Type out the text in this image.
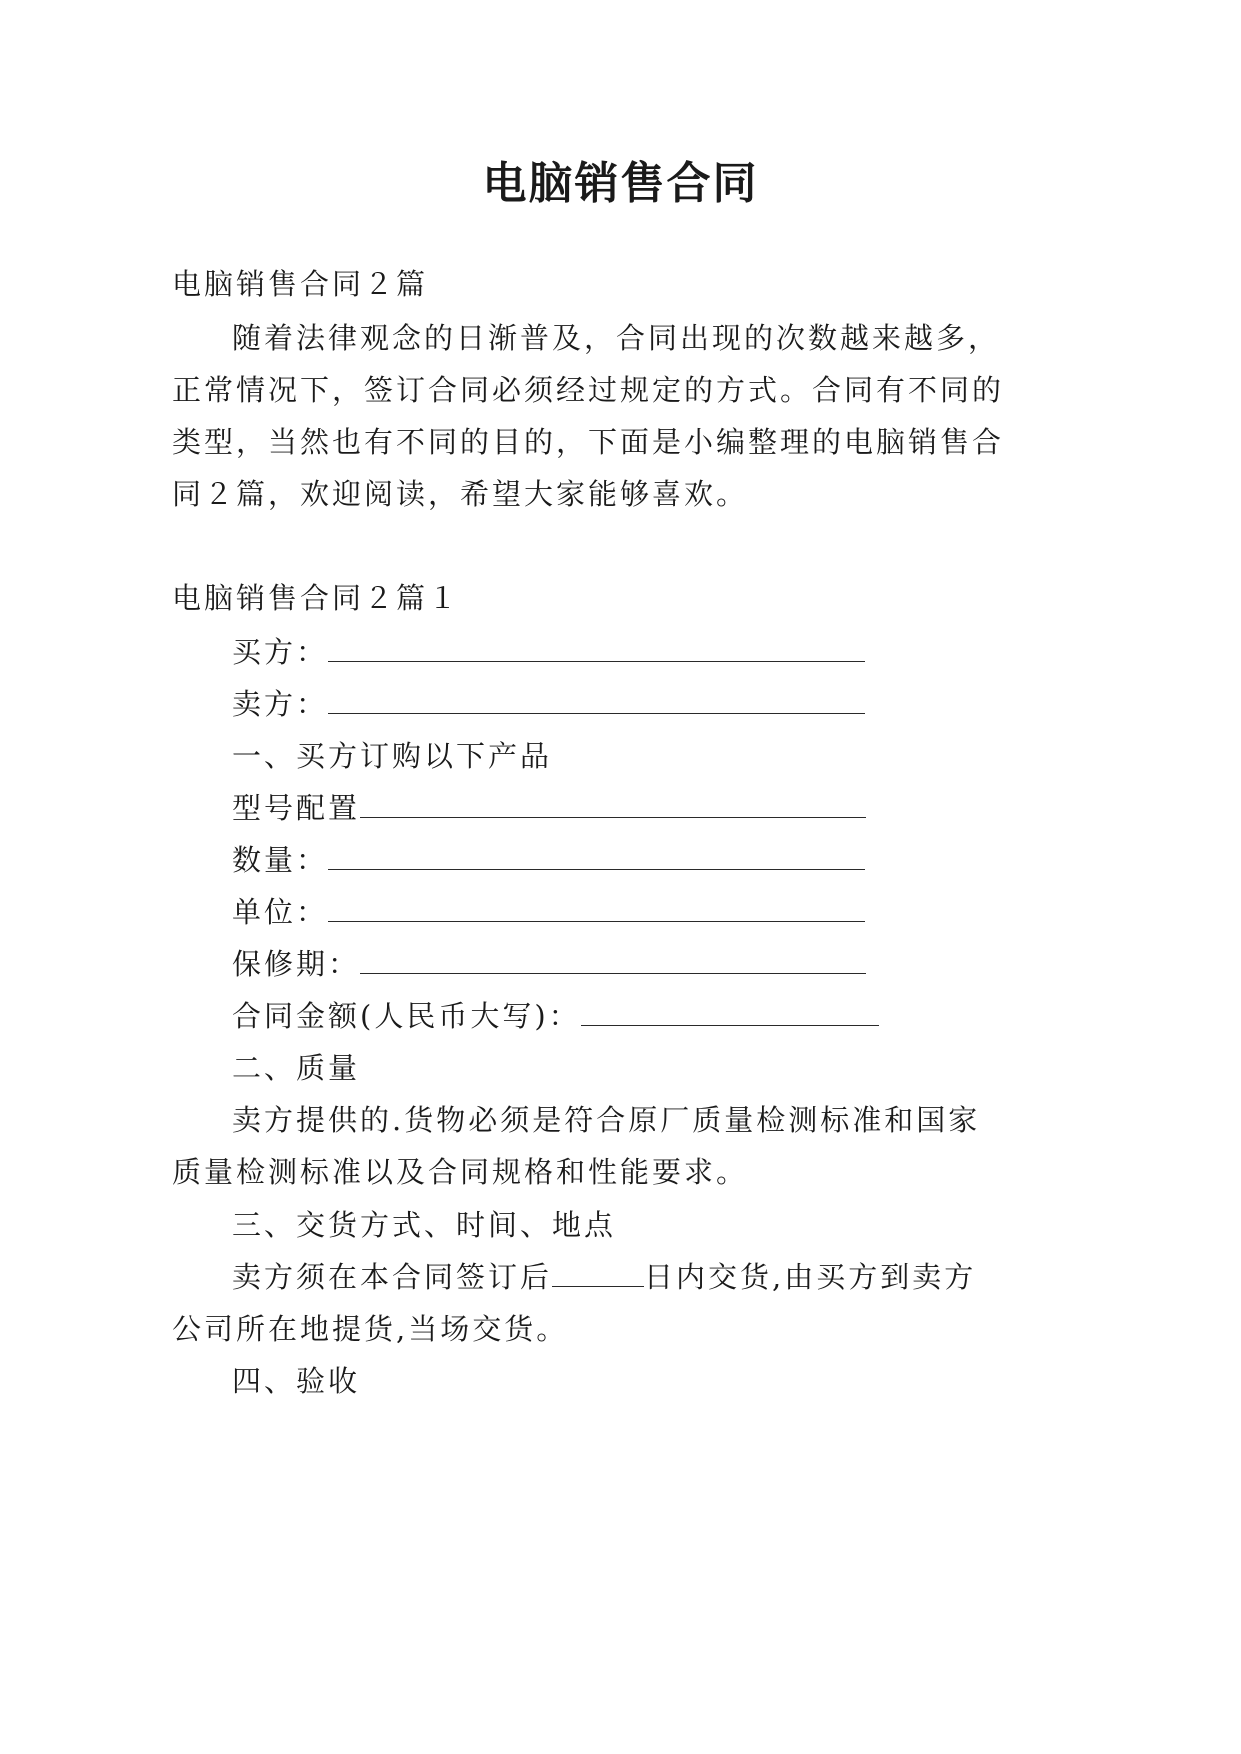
电脑销售合同
电脑销售合同２篇
随着法律观念的日渐普及，合同出现的次数越来越多，
正常情况下，签订合同必须经过规定的方式。合同有不同的
类型，当然也有不同的目的，下面是小编整理的电脑销售合
同２篇，欢迎阅读，希望大家能够喜欢。
电脑销售合同２篇１
买方：
卖方：
一、买方订购以下产品
型号配置
数量：
单位：
保修期：
合同金额(人民币大写)：
二、质量
卖方提供的.货物必须是符合原厂质量检测标准和国家
质量检测标准以及合同规格和性能要求。
三、交货方式、时间、地点
卖方须在本合同签订后	日内交货,由买方到卖方
公司所在地提货,当场交货。
四、验收
